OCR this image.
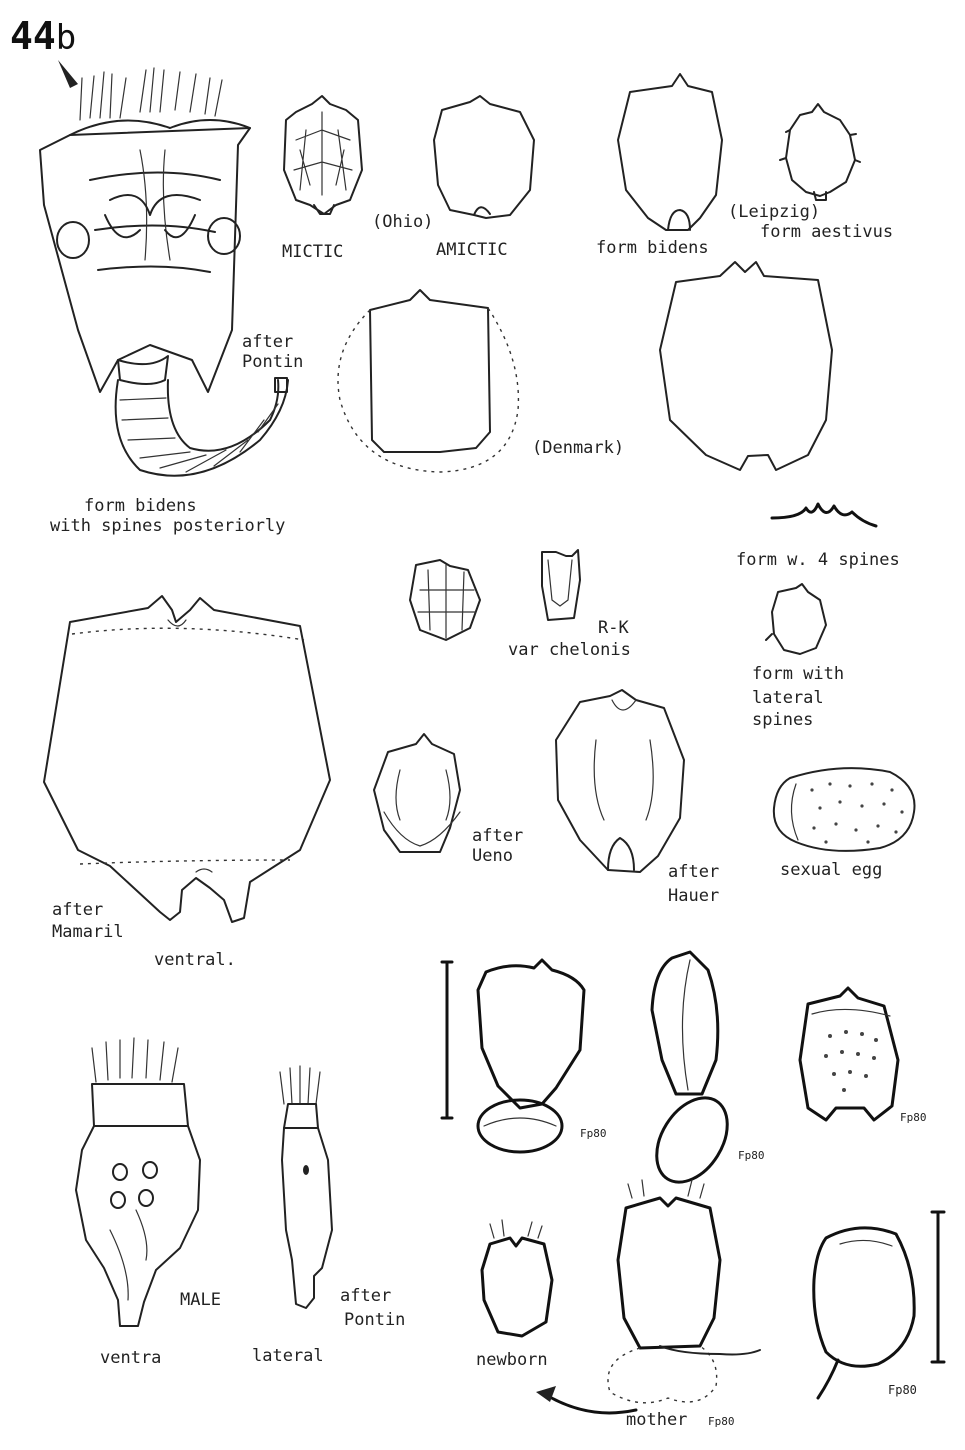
44b
(Ohio)
MICTIC	AMICTIC	form bidens
(Leipzig)
form aestivus
after
Pontin
(Denmark)
form bidens
with spines posteriorly
form w. 4 spines
R-K
var chelonis
form with
lateral
spines
after
Ueno
after
Hauer
sexual egg
after
Mamaril
ventral.
MALE	after
Pontin
ventra	lateral	newborn
mother
Fp80
Fp80
Fp80
Fp80
Fp80
